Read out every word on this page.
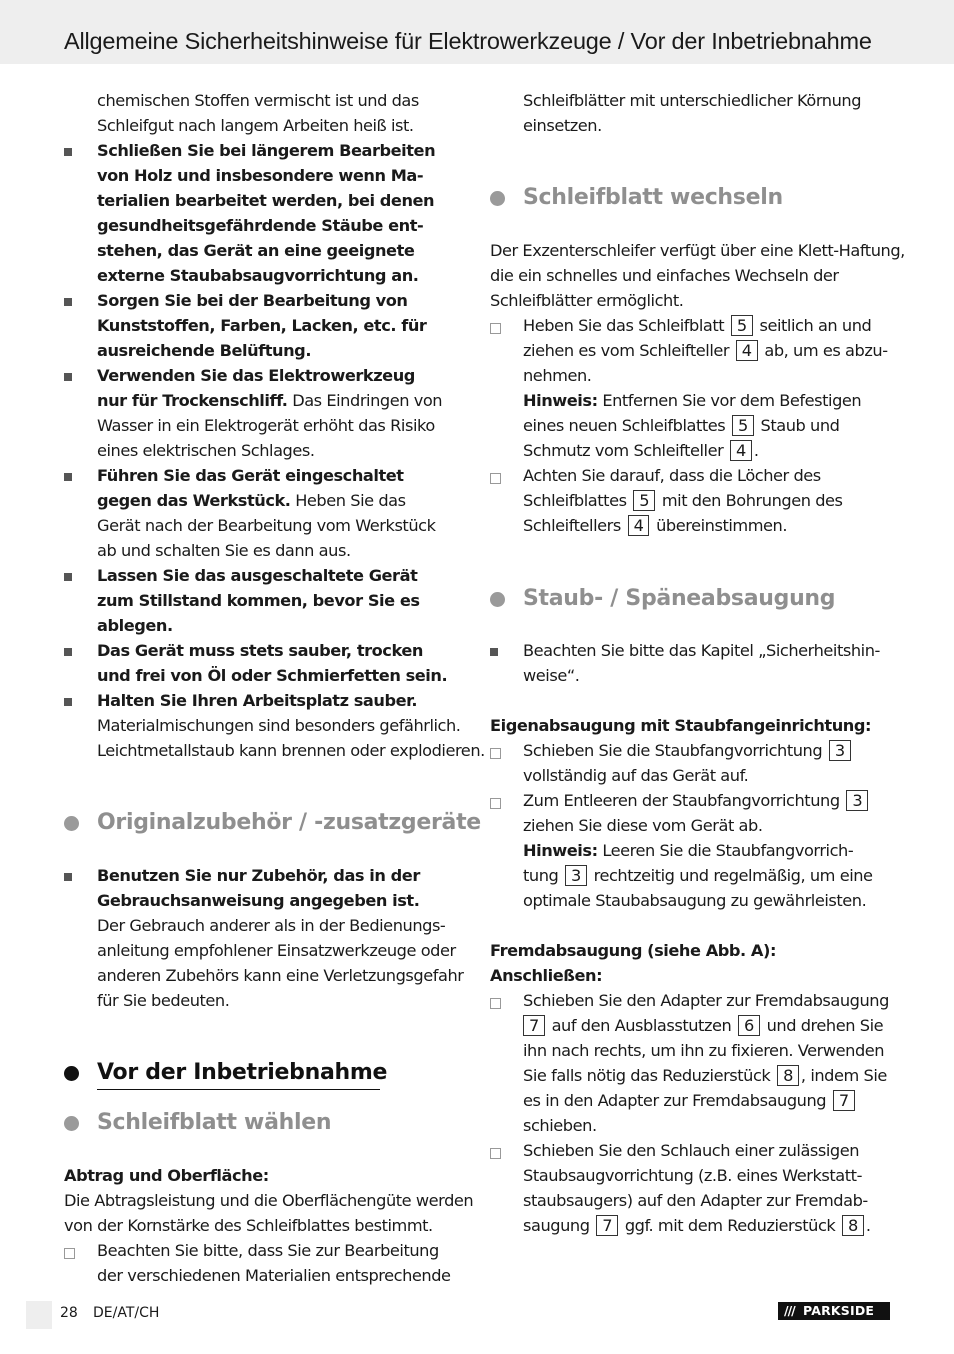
Allgemeine Sicherheitshinweise für Elektrowerkzeuge / Vor der Inbetriebnahme
chemischen Stoffen vermischt ist und das
Schleifgut nach langem Arbeiten heiß ist.
Schließen Sie bei längerem Bearbeiten
von Holz und insbesondere wenn Ma-
terialien bearbeitet werden, bei denen
gesundheitsgefährdende Stäube ent-
stehen, das Gerät an eine geeignete
externe Staubabsaugvorrichtung an.
Sorgen Sie bei der Bearbeitung von
Kunststoffen, Farben, Lacken, etc. für
ausreichende Belüftung.
Verwenden Sie das Elektrowerkzeug
nur für Trockenschliff. Das Eindringen von
Wasser in ein Elektrogerät erhöht das Risiko
eines elektrischen Schlages.
Führen Sie das Gerät eingeschaltet
gegen das Werkstück. Heben Sie das
Gerät nach der Bearbeitung vom Werkstück
ab und schalten Sie es dann aus.
Lassen Sie das ausgeschaltete Gerät
zum Stillstand kommen, bevor Sie es
ablegen.
Das Gerät muss stets sauber, trocken
und frei von Öl oder Schmierfetten sein.
Halten Sie Ihren Arbeitsplatz sauber.
Materialmischungen sind besonders gefährlich.
Leichtmetallstaub kann brennen oder explodieren.
Originalzubehör / -zusatzgeräte
Benutzen Sie nur Zubehör, das in der
Gebrauchsanweisung angegeben ist.
Der Gebrauch anderer als in der Bedienungs-
anleitung empfohlener Einsatzwerkzeuge oder
anderen Zubehörs kann eine Verletzungsgefahr
für Sie bedeuten.
Vor der Inbetriebnahme
Schleifblatt wählen
Abtrag und Oberfläche:
Die Abtragsleistung und die Oberflächengüte werden
von der Kornstärke des Schleifblattes bestimmt.
Beachten Sie bitte, dass Sie zur Bearbeitung
der verschiedenen Materialien entsprechende
Schleifblätter mit unterschiedlicher Körnung
einsetzen.
Schleifblatt wechseln
Der Exzenterschleifer verfügt über eine Klett-Haftung,
die ein schnelles und einfaches Wechseln der
Schleifblätter ermöglicht.
Heben Sie das Schleifblatt 5 seitlich an und
ziehen es vom Schleifteller 4 ab, um es abzu-
nehmen.
Hinweis: Entfernen Sie vor dem Befestigen
eines neuen Schleifblattes 5 Staub und
Schmutz vom Schleifteller 4 .
Achten Sie darauf, dass die Löcher des
Schleifblattes 5 mit den Bohrungen des
Schleiftellers 4 übereinstimmen.
Staub- / Späneabsaugung
Beachten Sie bitte das Kapitel „Sicherheitshin-
weise“.
Eigenabsaugung mit Staubfangeinrichtung:
Schieben Sie die Staubfangvorrichtung 3
vollständig auf das Gerät auf.
Zum Entleeren der Staubfangvorrichtung 3
ziehen Sie diese vom Gerät ab.
Hinweis: Leeren Sie die Staubfangvorrich-
tung 3 rechtzeitig und regelmäßig, um eine
optimale Staubabsaugung zu gewährleisten.
Fremdabsaugung (siehe Abb. A):
Anschließen:
Schieben Sie den Adapter zur Fremdabsaugung
7 auf den Ausblasstutzen 6 und drehen Sie
ihn nach rechts, um ihn zu fixieren. Verwenden
Sie falls nötig das Reduzierstück 8 , indem Sie
es in den Adapter zur Fremdabsaugung 7
schieben.
Schieben Sie den Schlauch einer zulässigen
Staubsaugvorrichtung (z.B. eines Werkstatt-
staubsaugers) auf den Adapter zur Fremdab-
saugung 7 ggf. mit dem Reduzierstück 8 .
28 DE/AT/CH	/// PARKSIDE
